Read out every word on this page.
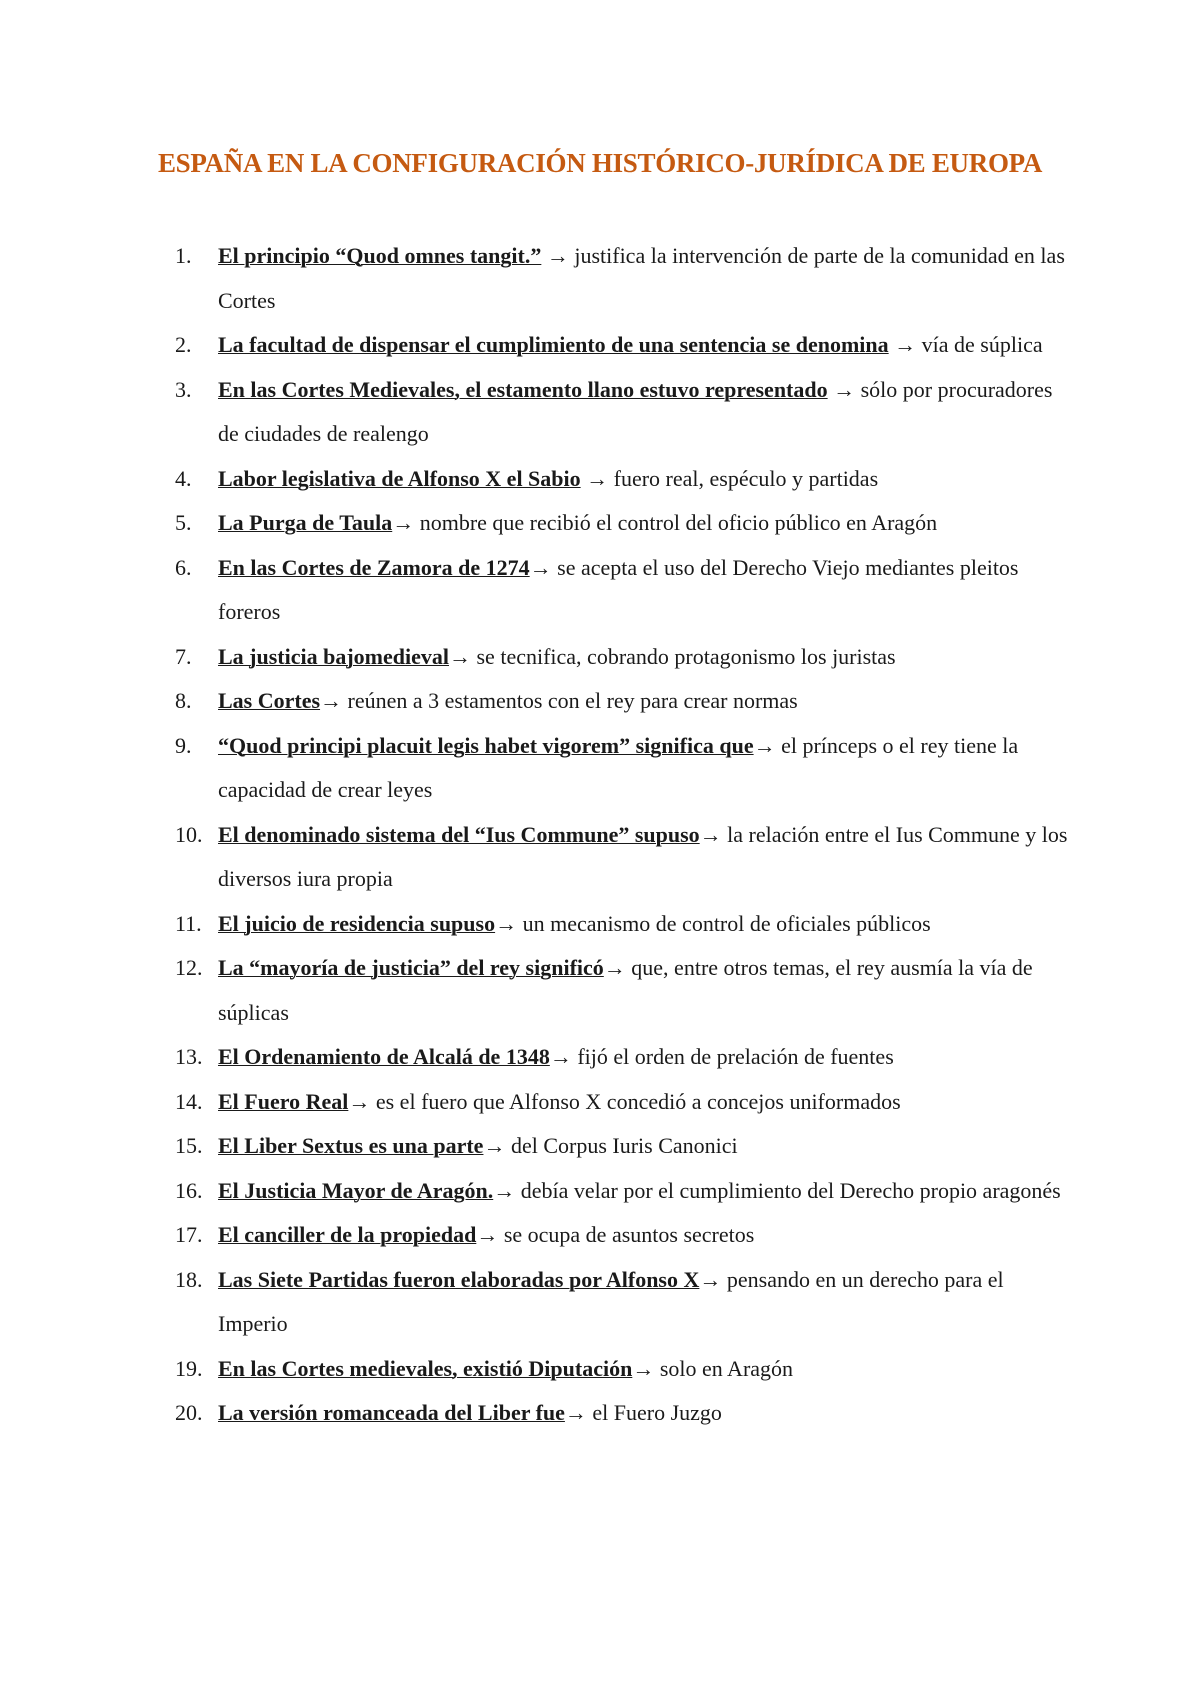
ESPAÑA EN LA CONFIGURACIÓN HISTÓRICO-JURÍDICA DE EUROPA
1. El principio “Quod omnes tangit.” → justifica la intervención de parte de la comunidad en las Cortes
2. La facultad de dispensar el cumplimiento de una sentencia se denomina → vía de súplica
3. En las Cortes Medievales, el estamento llano estuvo representado → sólo por procuradores de ciudades de realengo
4. Labor legislativa de Alfonso X el Sabio → fuero real, espéculo y partidas
5. La Purga de Taula→ nombre que recibió el control del oficio público en Aragón
6. En las Cortes de Zamora de 1274→ se acepta el uso del Derecho Viejo mediantes pleitos foreros
7. La justicia bajomedieval→ se tecnifica, cobrando protagonismo los juristas
8. Las Cortes→ reúnen a 3 estamentos con el rey para crear normas
9. “Quod principi placuit legis habet vigorem” significa que→ el prínceps o el rey tiene la capacidad de crear leyes
10. El denominado sistema del “Ius Commune” supuso→ la relación entre el Ius Commune y los diversos iura propia
11. El juicio de residencia supuso→ un mecanismo de control de oficiales públicos
12. La “mayoría de justicia” del rey significó→ que, entre otros temas, el rey ausmía la vía de súplicas
13. El Ordenamiento de Alcalá de 1348→ fijó el orden de prelación de fuentes
14. El Fuero Real→ es el fuero que Alfonso X concedió a concejos uniformados
15. El Liber Sextus es una parte→ del Corpus Iuris Canonici
16. El Justicia Mayor de Aragón.→ debía velar por el cumplimiento del Derecho propio aragonés
17. El canciller de la propiedad→ se ocupa de asuntos secretos
18. Las Siete Partidas fueron elaboradas por Alfonso X→ pensando en un derecho para el Imperio
19. En las Cortes medievales, existió Diputación→ solo en Aragón
20. La versión romanceada del Liber fue→ el Fuero Juzgo
